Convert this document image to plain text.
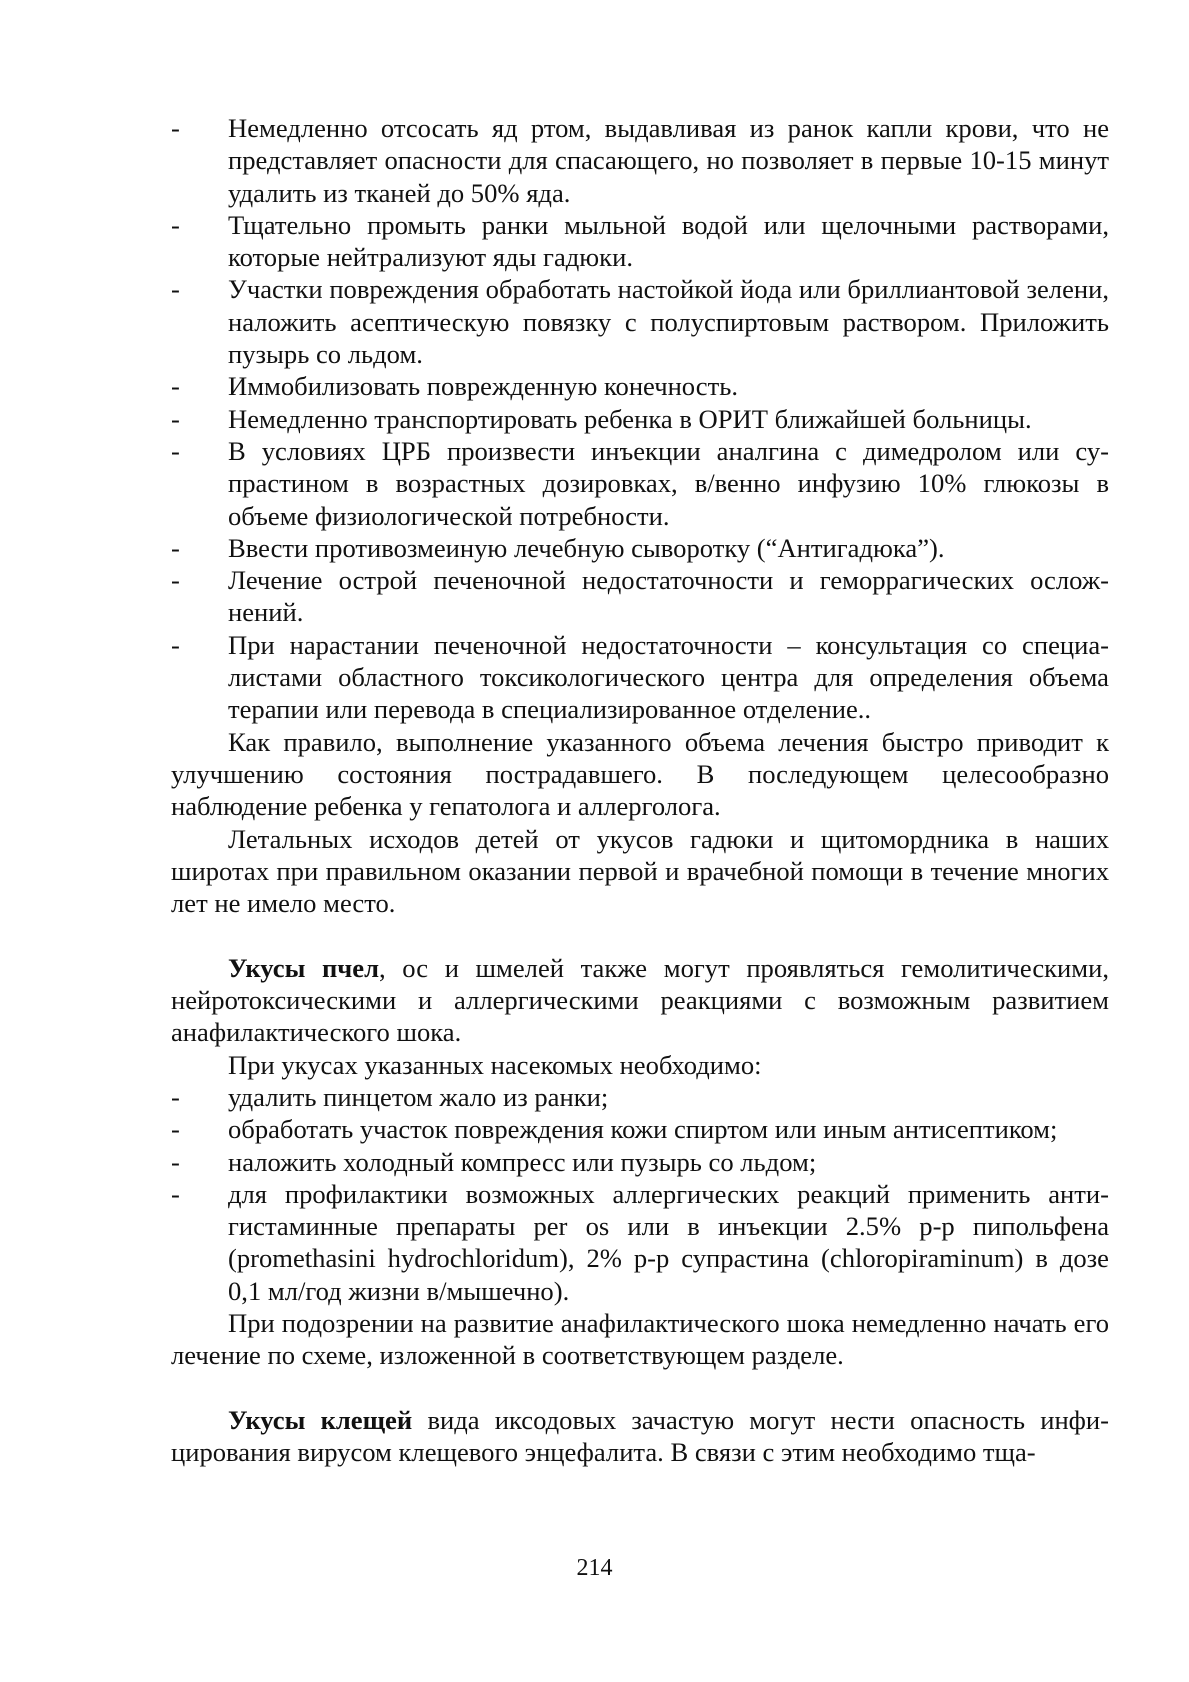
- Немедленно отсосать яд ртом, выдавливая из ранок капли крови, что не представляет опасности для спасающего, но позволяет в первые 10-15 минут удалить из тканей до 50% яда.
- Тщательно промыть ранки мыльной водой или щелочными растворами, которые нейтрализуют яды гадюки.
- Участки повреждения обработать настойкой йода или бриллиантовой зелени, наложить асептическую повязку с полуспиртовым раствором. Приложить пузырь со льдом.
- Иммобилизовать поврежденную конечность.
- Немедленно транспортировать ребенка в ОРИТ ближайшей больницы.
- В условиях ЦРБ произвести инъекции аналгина с димедролом или супрастином в возрастных дозировках, в/венно инфузию 10% глюкозы в объеме физиологической потребности.
- Ввести противозмеиную лечебную сыворотку (“Антигадюка”).
- Лечение острой печеночной недостаточности и геморрагических осложнений.
- При нарастании печеночной недостаточности – консультация со специалистами областного токсикологического центра для определения объема терапии или перевода в специализированное отделение..

Как правило, выполнение указанного объема лечения быстро приводит к улучшению состояния пострадавшего. В последующем целесообразно наблюдение ребенка у гепатолога и аллерголога.

Летальных исходов детей от укусов гадюки и щитомордника в наших широтах при правильном оказании первой и врачебной помощи в течение многих лет не имело место.

Укусы пчел, ос и шмелей также могут проявляться гемолитическими, нейротоксическими и аллергическими реакциями с возможным развитием анафилактического шока.

При укусах указанных насекомых необходимо:

- удалить пинцетом жало из ранки;
- обработать участок повреждения кожи спиртом или иным антисептиком;
- наложить холодный компресс или пузырь со льдом;
- для профилактики возможных аллергических реакций применить антигистаминные препараты per os или в инъекции 2.5% р-р пипольфена (promethasini hydrochloridum), 2% р-р супрастина (chloropiraminum) в дозе 0,1 мл/год жизни в/мышечно).

При подозрении на развитие анафилактического шока немедленно начать его лечение по схеме, изложенной в соответствующем разделе.

Укусы клещей вида иксодовых зачастую могут нести опасность инфицирования вирусом клещевого энцефалита. В связи с этим необходимо тща-

214
